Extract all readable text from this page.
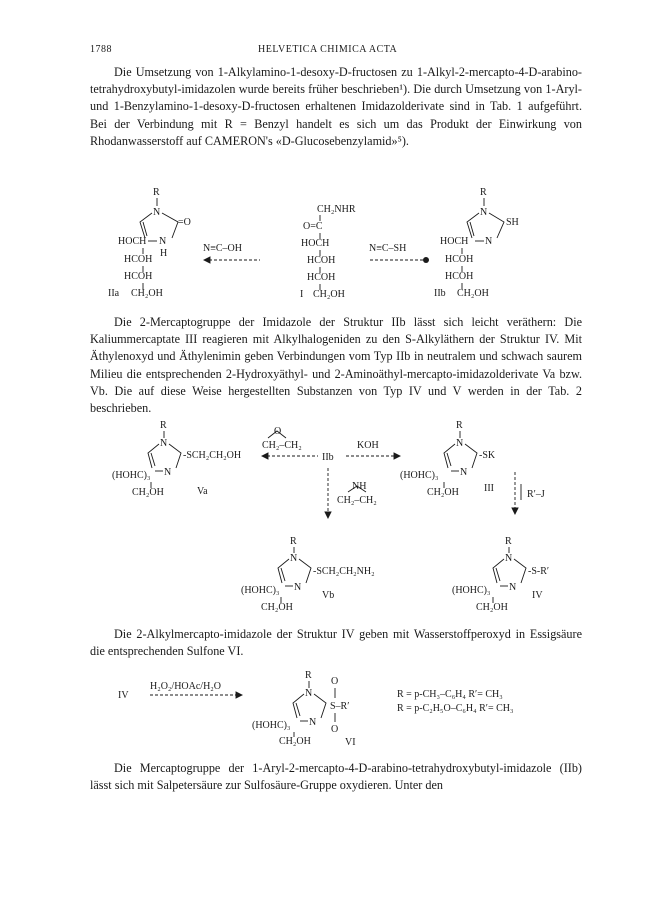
1788	HELVETICA CHIMICA ACTA

Die Umsetzung von 1-Alkylamino-1-desoxy-D-fructosen zu 1-Alkyl-2-mercapto-4-D-arabino-tetrahydroxybutyl-imidazolen wurde bereits früher beschrieben¹). Die durch Umsetzung von 1-Aryl- und 1-Benzylamino-1-desoxy-D-fructosen erhaltenen Imidazolderivate sind in Tab. 1 aufgeführt. Bei der Verbindung mit R = Benzyl handelt es sich um das Produkt der Einwirkung von Rhodanwasserstoff auf CAMERON's «D-Glucosebenzylamid»⁵).

R
N
=O
N
H
HOCH
HCOH
HCOH
IIa CH₂OH
N≡C–OH
CH₂NHR
O=C
HOCH
HCOH
HCOH
I CH₂OH
N≡C–SH
R
N
SH
N
HOCH
HCOH
HCOH
IIb CH₂OH

Die 2-Mercaptogruppe der Imidazole der Struktur IIb lässt sich leicht veräthern: Die Kaliummercaptate III reagieren mit Alkylhalogeniden zu den S-Alkyläthern der Struktur IV. Mit Äthylenoxyd und Äthylenimin geben Verbindungen vom Typ IIb in neutralem und schwach saurem Milieu die entsprechenden 2-Hydroxyäthyl- und 2-Aminoäthyl-mercapto-imidazolderivate Va bzw. Vb. Die auf diese Weise hergestellten Substanzen von Typ IV und V werden in der Tab. 2 beschrieben.

R
N
-SCH₂CH₂OH
N
(HOHC)₃
CH₂OH	Va
O
CH₂–CH₂
IIb
KOH
NH
CH₂–CH₂
R
N
-SK
N
(HOHC)₃
CH₂OH	III
R′–J
R
N
-SCH₂CH₂NH₂
N
(HOHC)₃
CH₂OH
Vb
R
N
-S-R′
N
(HOHC)₃
CH₂OH
IV

Die 2-Alkylmercapto-imidazole der Struktur IV geben mit Wasserstoffperoxyd in Essigsäure die entsprechenden Sulfone VI.

IV
H₂O₂/HOAc/H₂O
R
N
N
O
S–R′
O
(HOHC)₃
CH₂OH	VI
R = p-CH₃–C₆H₄ R′= CH₃
R = p-C₂H₅O–C₆H₄ R′= CH₃

Die Mercaptogruppe der 1-Aryl-2-mercapto-4-D-arabino-tetrahydroxybutyl-imidazole (IIb) lässt sich mit Salpetersäure zur Sulfosäure-Gruppe oxydieren. Unter den
